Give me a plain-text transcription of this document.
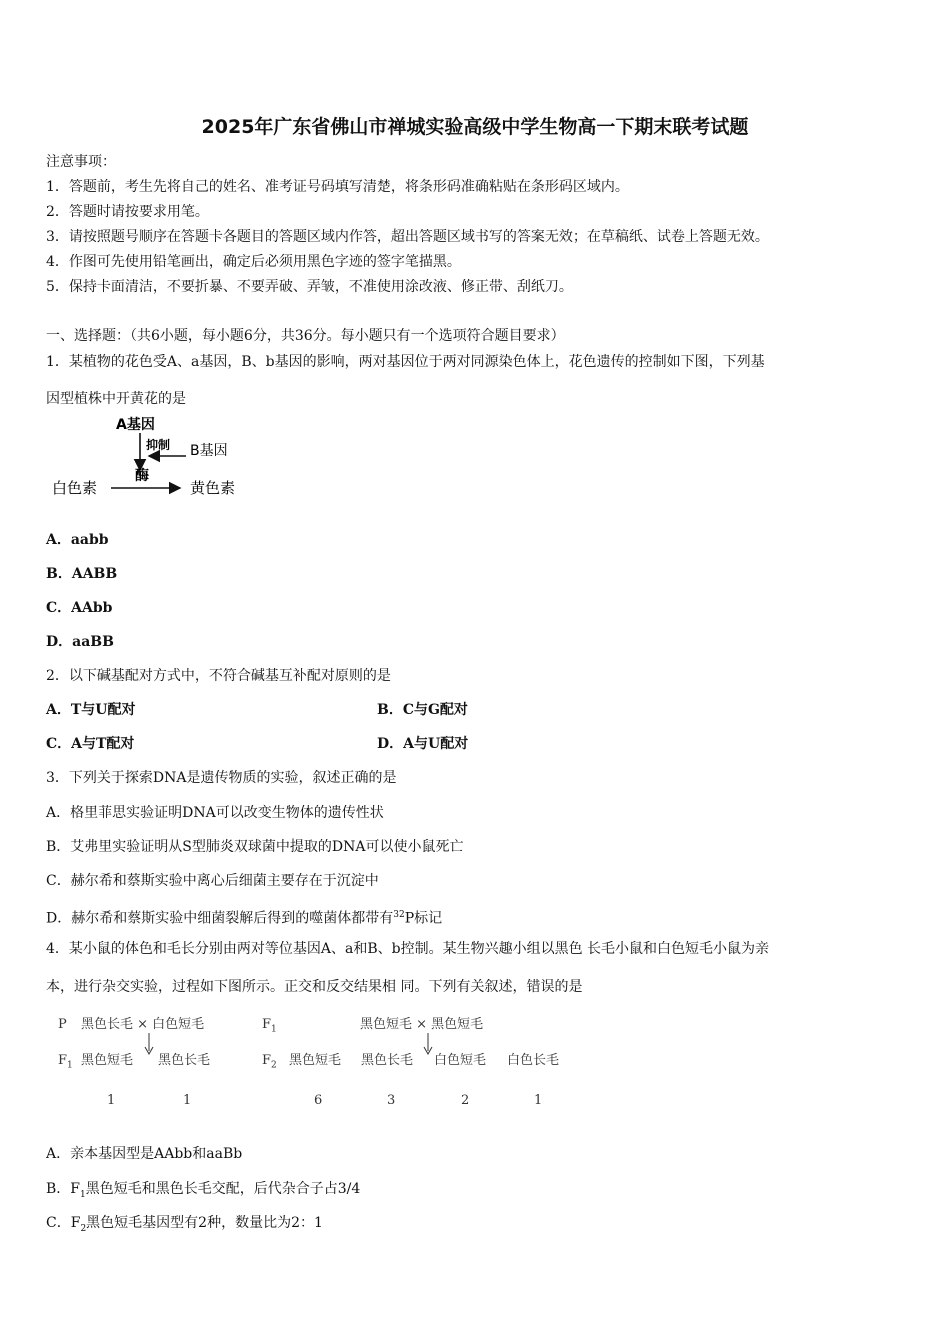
2025年广东省佛山市禅城实验高级中学生物高一下期末联考试题
注意事项：
1．答题前，考生先将自己的姓名、准考证号码填写清楚，将条形码准确粘贴在条形码区域内。
2．答题时请按要求用笔。
3．请按照题号顺序在答题卡各题目的答题区域内作答，超出答题区域书写的答案无效；在草稿纸、试卷上答题无效。
4．作图可先使用铅笔画出，确定后必须用黑色字迹的签字笔描黑。
5．保持卡面清洁，不要折暴、不要弄破、弄皱，不准使用涂改液、修正带、刮纸刀。
一、选择题：（共6小题，每小题6分，共36分。每小题只有一个选项符合题目要求）
1．某植物的花色受A、a基因，B、b基因的影响，两对基因位于两对同源染色体上，花色遗传的控制如下图，下列基
因型植株中开黄花的是
A基因
抑制 B基因
酶
白色素	黄色素
A．aabb
B．AABB
C．AAbb
D．aaBB
2．以下碱基配对方式中，不符合碱基互补配对原则的是
A．T与U配对	B．C与G配对
C．A与T配对	D．A与U配对
3．下列关于探索DNA是遗传物质的实验，叙述正确的是
A．格里菲思实验证明DNA可以改变生物体的遗传性状
B．艾弗里实验证明从S型肺炎双球菌中提取的DNA可以使小鼠死亡
C．赫尔希和蔡斯实验中离心后细菌主要存在于沉淀中
D．赫尔希和蔡斯实验中细菌裂解后得到的噬菌体都带有$^{32}$P标记
4．某小鼠的体色和毛长分别由两对等位基因A、a和B、b控制。某生物兴趣小组以黑色 长毛小鼠和白色短毛小鼠为亲
本，进行杂交实验，过程如下图所示。正交和反交结果相 同。下列有关叙述，错误的是
P 黑色长毛 × 白色短毛
$F_1$ 黑色短毛 黑色长毛
1	1
$F_1$	黑色短毛 × 黑色短毛
$F_2$ 黑色短毛 黑色长毛 白色短毛 白色长毛
6	3	2	1
A．亲本基因型是AAbb和aaBb
B．$F_1$黑色短毛和黑色长毛交配，后代杂合子占3/4
C．$F_2$黑色短毛基因型有2种，数量比为2：1
